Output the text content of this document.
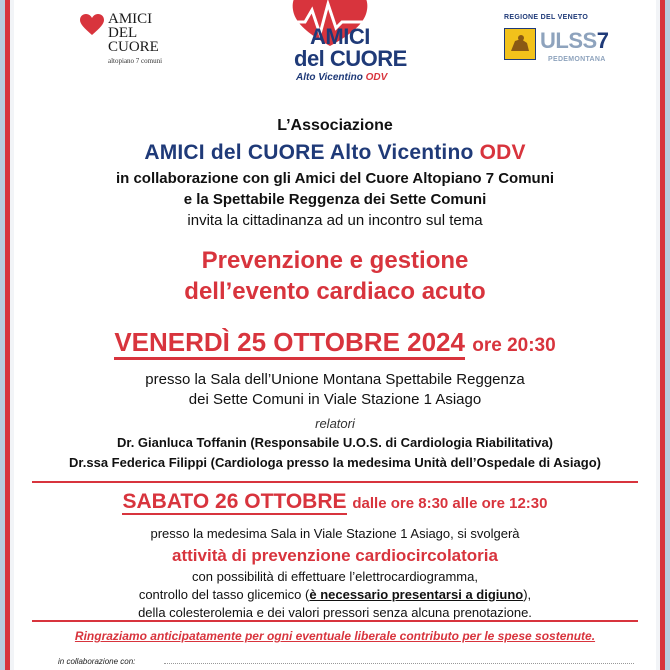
AMICI
DEL
CUORE
altopiano 7 comuni
AMICI
del CUORE
Alto Vicentino ODV
REGIONE DEL VENETO
ULSS7
PEDEMONTANA
L’Associazione
AMICI del CUORE Alto Vicentino ODV
in collaborazione con gli Amici del Cuore Altopiano 7 Comuni
e la Spettabile Reggenza dei Sette Comuni
invita la cittadinanza ad un incontro sul tema
Prevenzione e gestione
dell’evento cardiaco acuto
VENERDÌ 25 OTTOBRE 2024 ore 20:30
presso la Sala dell’Unione Montana Spettabile Reggenza
dei Sette Comuni in Viale Stazione 1 Asiago
relatori
Dr. Gianluca Toffanin (Responsabile U.O.S. di Cardiologia Riabilitativa)
Dr.ssa Federica Filippi (Cardiologa presso la medesima Unità dell’Ospedale di Asiago)
SABATO 26 OTTOBRE dalle ore 8:30 alle ore 12:30
presso la medesima Sala in Viale Stazione 1 Asiago, si svolgerà
attività di prevenzione cardiocircolatoria
con possibilità di effettuare l’elettrocardiogramma,
controllo del tasso glicemico (è necessario presentarsi a digiuno),
della colesterolemia e dei valori pressori senza alcuna prenotazione.
Ringraziamo anticipatamente per ogni eventuale liberale contributo per le spese sostenute.
in collaborazione con:
